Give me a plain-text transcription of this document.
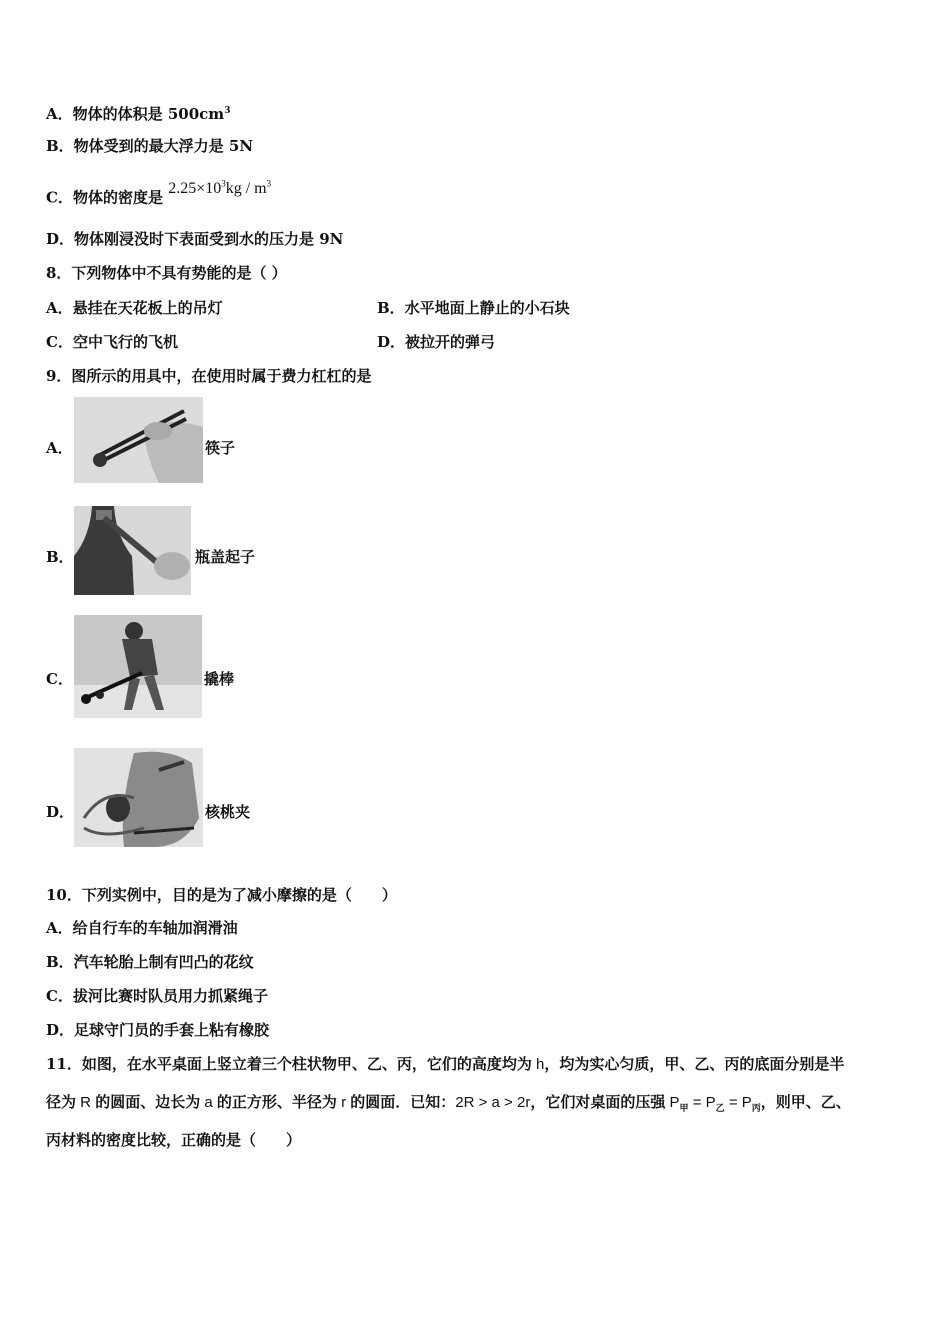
A．物体的体积是 $500cm^3$
B．物体受到的最大浮力是 5N
C．物体的密度是 $2.25\times 10^3kg / m^3$
D．物体刚浸没时下表面受到水的压力是 9N
8．下列物体中不具有势能的是（ ）
A．悬挂在天花板上的吊灯	B．水平地面上静止的小石块
C．空中飞行的飞机	D．被拉开的弹弓
9．图所示的用具中，在使用时属于费力杠杠的是
A．	筷子
B．	瓶盖起子
C．	撬棒
D．	核桃夹
10．下列实例中，目的是为了减小摩擦的是（　　）
A．给自行车的车轴加润滑油
B．汽车轮胎上制有凹凸的花纹
C．拔河比赛时队员用力抓紧绳子
D．足球守门员的手套上粘有橡胶
11．如图，在水平桌面上竖立着三个柱状物甲、乙、丙，它们的高度均为 h，均为实心匀质，甲、乙、丙的底面分别是半
径为 R 的圆面、边长为 a 的正方形、半径为 r 的圆面．已知：2R > a > 2r，它们对桌面的压强 $P_甲 = P_乙 = P_丙$，则甲、乙、
丙材料的密度比较，正确的是（　　）
